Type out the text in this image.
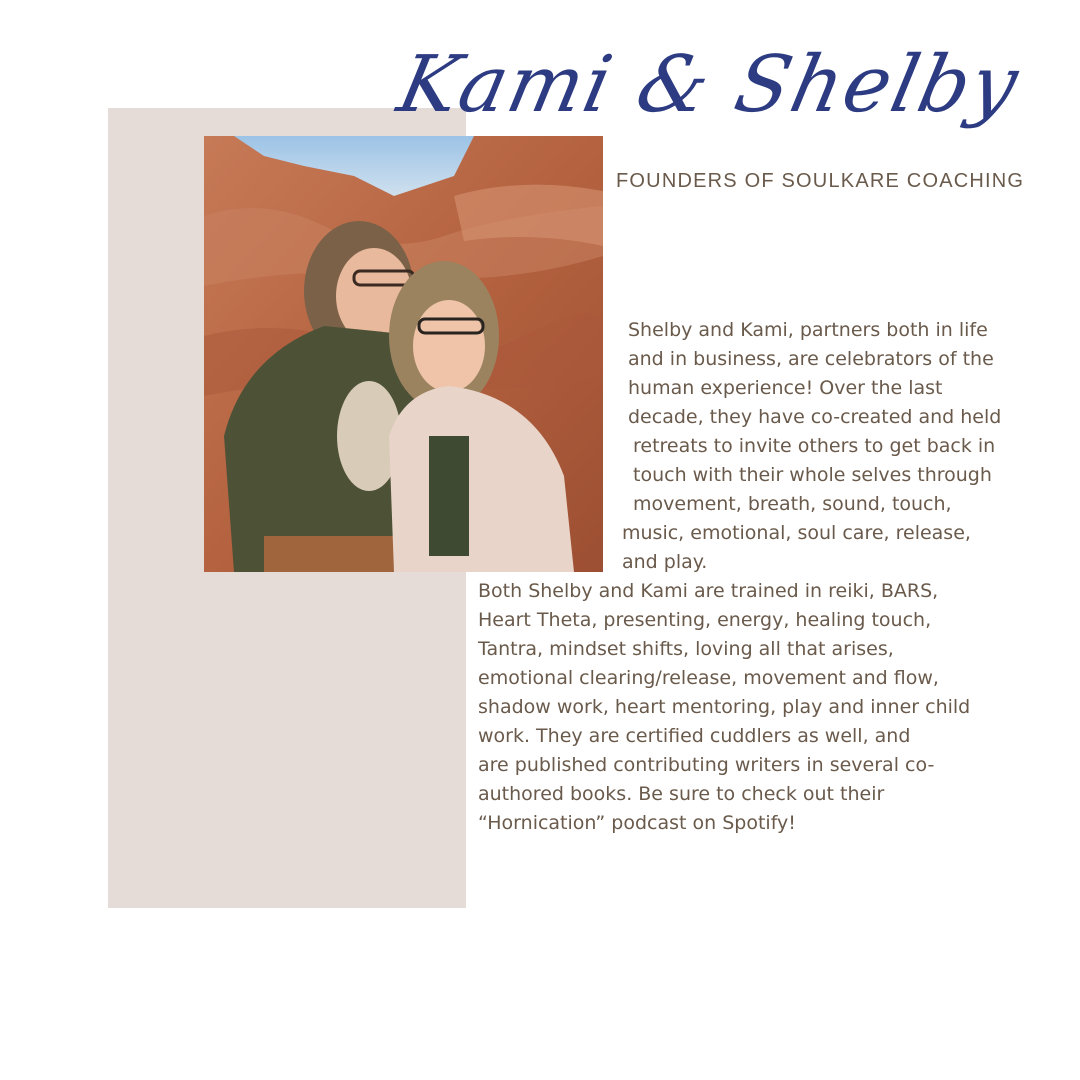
Kami & Shelby
FOUNDERS OF SOULKARE COACHING
Shelby and Kami, partners both in life
and in business, are celebrators of the
human experience! Over the last
decade, they have co-created and held
retreats to invite others to get back in
touch with their whole selves through
movement, breath, sound, touch,
music, emotional, soul care, release,
and play.
Both Shelby and Kami are trained in reiki, BARS,
Heart Theta, presenting, energy, healing touch,
Tantra, mindset shifts, loving all that arises,
emotional clearing/release, movement and flow,
shadow work, heart mentoring, play and inner child
work. They are certified cuddlers as well, and
are published contributing writers in several co-
authored books. Be sure to check out their
“Hornication” podcast on Spotify!
